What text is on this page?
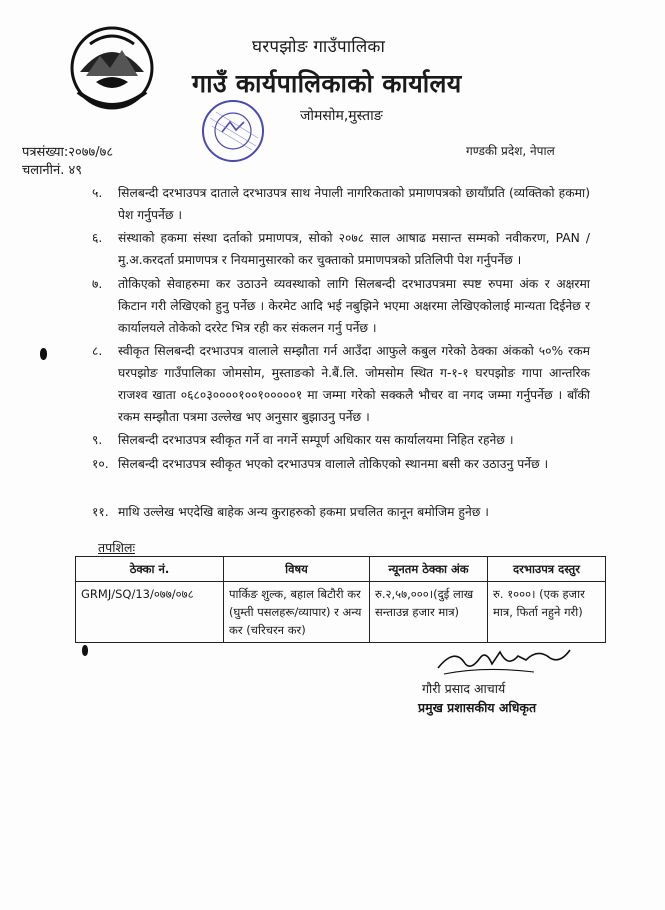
घरपझोङ गाउँपालिका
गाउँ कार्यपालिकाको कार्यालय
जोमसोम,मुस्ताङ
पत्रसंख्या:२०७७/७८
चलानीनं. ४९
गण्डकी प्रदेश, नेपाल
५. सिलबन्दी दरभाउपत्र दाताले दरभाउपत्र साथ नेपाली नागरिकताको प्रमाणपत्रको छायाँप्रति (व्यक्तिको हकमा) पेश गर्नुपर्नेछ ।
६. संस्थाको हकमा संस्था दर्ताको प्रमाणपत्र, सोको २०७८ साल आषाढ मसान्त सम्मको नवीकरण, PAN / मु.अ.करदर्ता प्रमाणपत्र र नियमानुसारको कर चुक्ताको प्रमाणपत्रको प्रतिलिपी पेश गर्नुपर्नेछ ।
७. तोकिएको सेवाहरुमा कर उठाउने व्यवस्थाको लागि सिलबन्दी दरभाउपत्रमा स्पष्ट रुपमा अंक र अक्षरमा किटान गरी लेखिएको हुनु पर्नेछ । केरमेट आदि भई नबुझिने भएमा अक्षरमा लेखिएकोलाई मान्यता दिईनेछ र कार्यालयले तोकेको दररेट भित्र रही कर संकलन गर्नु पर्नेछ ।
८. स्वीकृत सिलबन्दी दरभाउपत्र वालाले सम्झौता गर्न आउँदा आफुले कबुल गरेको ठेक्का अंकको ५०% रकम घरपझोङ गाउँपालिका जोमसोम, मुस्ताङको ने.बैं.लि. जोमसोम स्थित ग-१-१ घरपझोङ गापा आन्तरिक राजश्व खाता ०६८०३००००१००१०००००१ मा जम्मा गरेको सक्कलै भौचर वा नगद जम्मा गर्नुपर्नेछ । बाँकी रकम सम्झौता पत्रमा उल्लेख भए अनुसार बुझाउनु पर्नेछ ।
९. सिलबन्दी दरभाउपत्र स्वीकृत गर्ने वा नगर्ने सम्पूर्ण अधिकार यस कार्यालयमा निहित रहनेछ ।
१०. सिलबन्दी दरभाउपत्र स्वीकृत भएको दरभाउपत्र वालाले तोकिएको स्थानमा बसी कर उठाउनु पर्नेछ ।
११. माथि उल्लेख भएदेखि बाहेक अन्य कुराहरुको हकमा प्रचलित कानून बमोजिम हुनेछ ।
तपशिलः
ठेक्का नं.	विषय	न्यूनतम ठेक्का अंक	दरभाउपत्र दस्तुर
GRMJ/SQ/13/०७७/०७८	पार्किङ शुल्क, बहाल बिटौरी कर (घुम्ती पसलहरू/व्यापार) र अन्य कर (चरिचरन कर)	रु.२,५७,०००।(दुई लाख सन्ताउन्न हजार मात्र)	रु. १०००। (एक हजार मात्र, फिर्ता नहुने गरी)
गौरी प्रसाद आचार्य
प्रमुख प्रशासकीय अधिकृत
